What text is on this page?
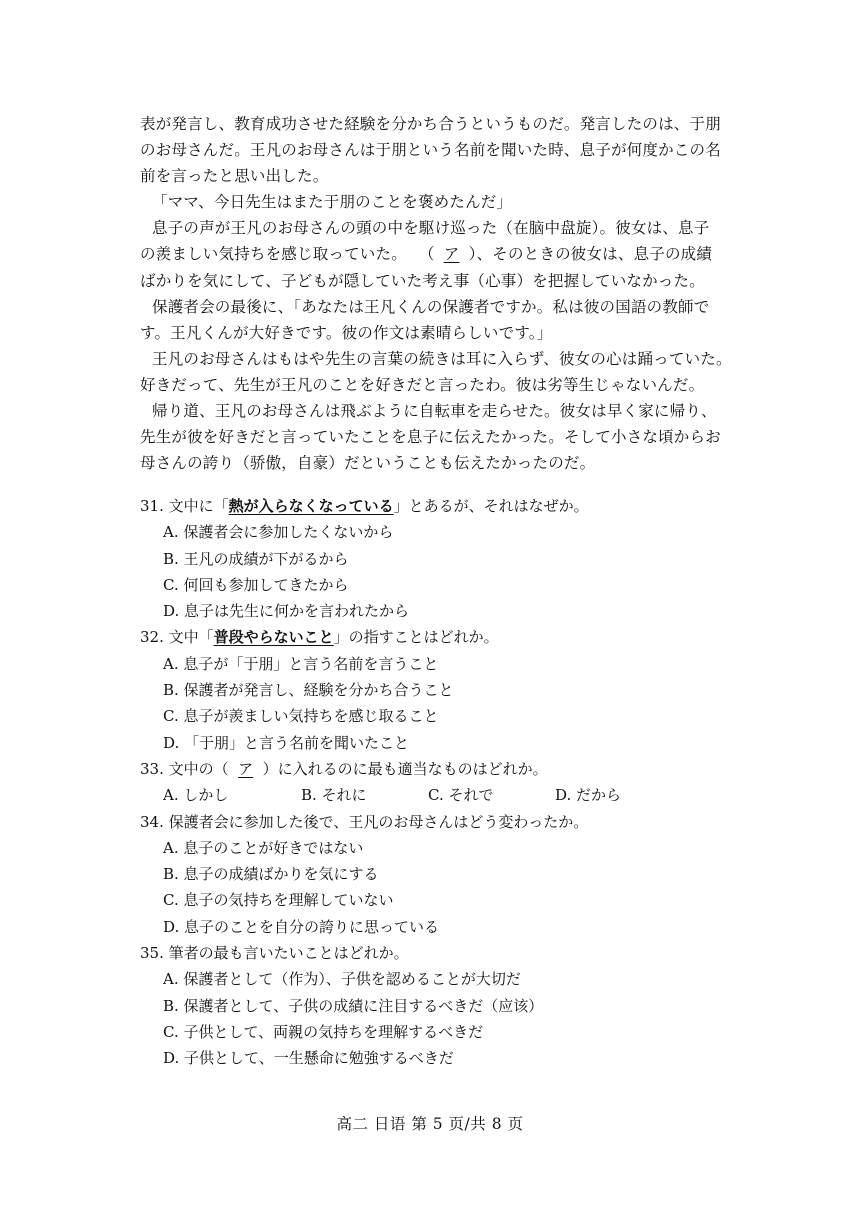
表が発言し、教育成功させた経験を分かち合うというものだ。発言したのは、于朋
のお母さんだ。王凡のお母さんは于朋という名前を聞いた時、息子が何度かこの名
前を言ったと思い出した。
「ママ、今日先生はまた于朋のことを褒めたんだ」
息子の声が王凡のお母さんの頭の中を駆け巡った（在脑中盘旋）。彼女は、息子
の羨ましい気持ちを感じ取っていた。 （ ア ）、そのときの彼女は、息子の成績
ばかりを気にして、子どもが隠していた考え事（心事）を把握していなかった。
保護者会の最後に、「あなたは王凡くんの保護者ですか。私は彼の国語の教師で
す。王凡くんが大好きです。彼の作文は素晴らしいです。」
王凡のお母さんはもはや先生の言葉の続きは耳に入らず、彼女の心は踊っていた。
好きだって、先生が王凡のことを好きだと言ったわ。彼は劣等生じゃないんだ。
帰り道、王凡のお母さんは飛ぶように自転車を走らせた。彼女は早く家に帰り、
先生が彼を好きだと言っていたことを息子に伝えたかった。そして小さな頃からお
母さんの誇り（骄傲，自豪）だということも伝えたかったのだ。
31. 文中に「熱が入らなくなっている」とあるが、それはなぜか。
A. 保護者会に参加したくないから
B. 王凡の成績が下がるから
C. 何回も参加してきたから
D. 息子は先生に何かを言われたから
32. 文中「普段やらないこと」の指すことはどれか。
A. 息子が「于朋」と言う名前を言うこと
B. 保護者が発言し、経験を分かち合うこと
C. 息子が羨ましい気持ちを感じ取ること
D. 「于朋」と言う名前を聞いたこと
33. 文中の（ ア ）に入れるのに最も適当なものはどれか。
A. しかし	B. それに	C. それで	D. だから
34. 保護者会に参加した後で、王凡のお母さんはどう変わったか。
A. 息子のことが好きではない
B. 息子の成績ばかりを気にする
C. 息子の気持ちを理解していない
D. 息子のことを自分の誇りに思っている
35. 筆者の最も言いたいことはどれか。
A. 保護者として（作为）、子供を認めることが大切だ
B. 保護者として、子供の成績に注目するべきだ（应该）
C. 子供として、両親の気持ちを理解するべきだ
D. 子供として、一生懸命に勉強するべきだ
高二 日语 第 5 页/共 8 页
